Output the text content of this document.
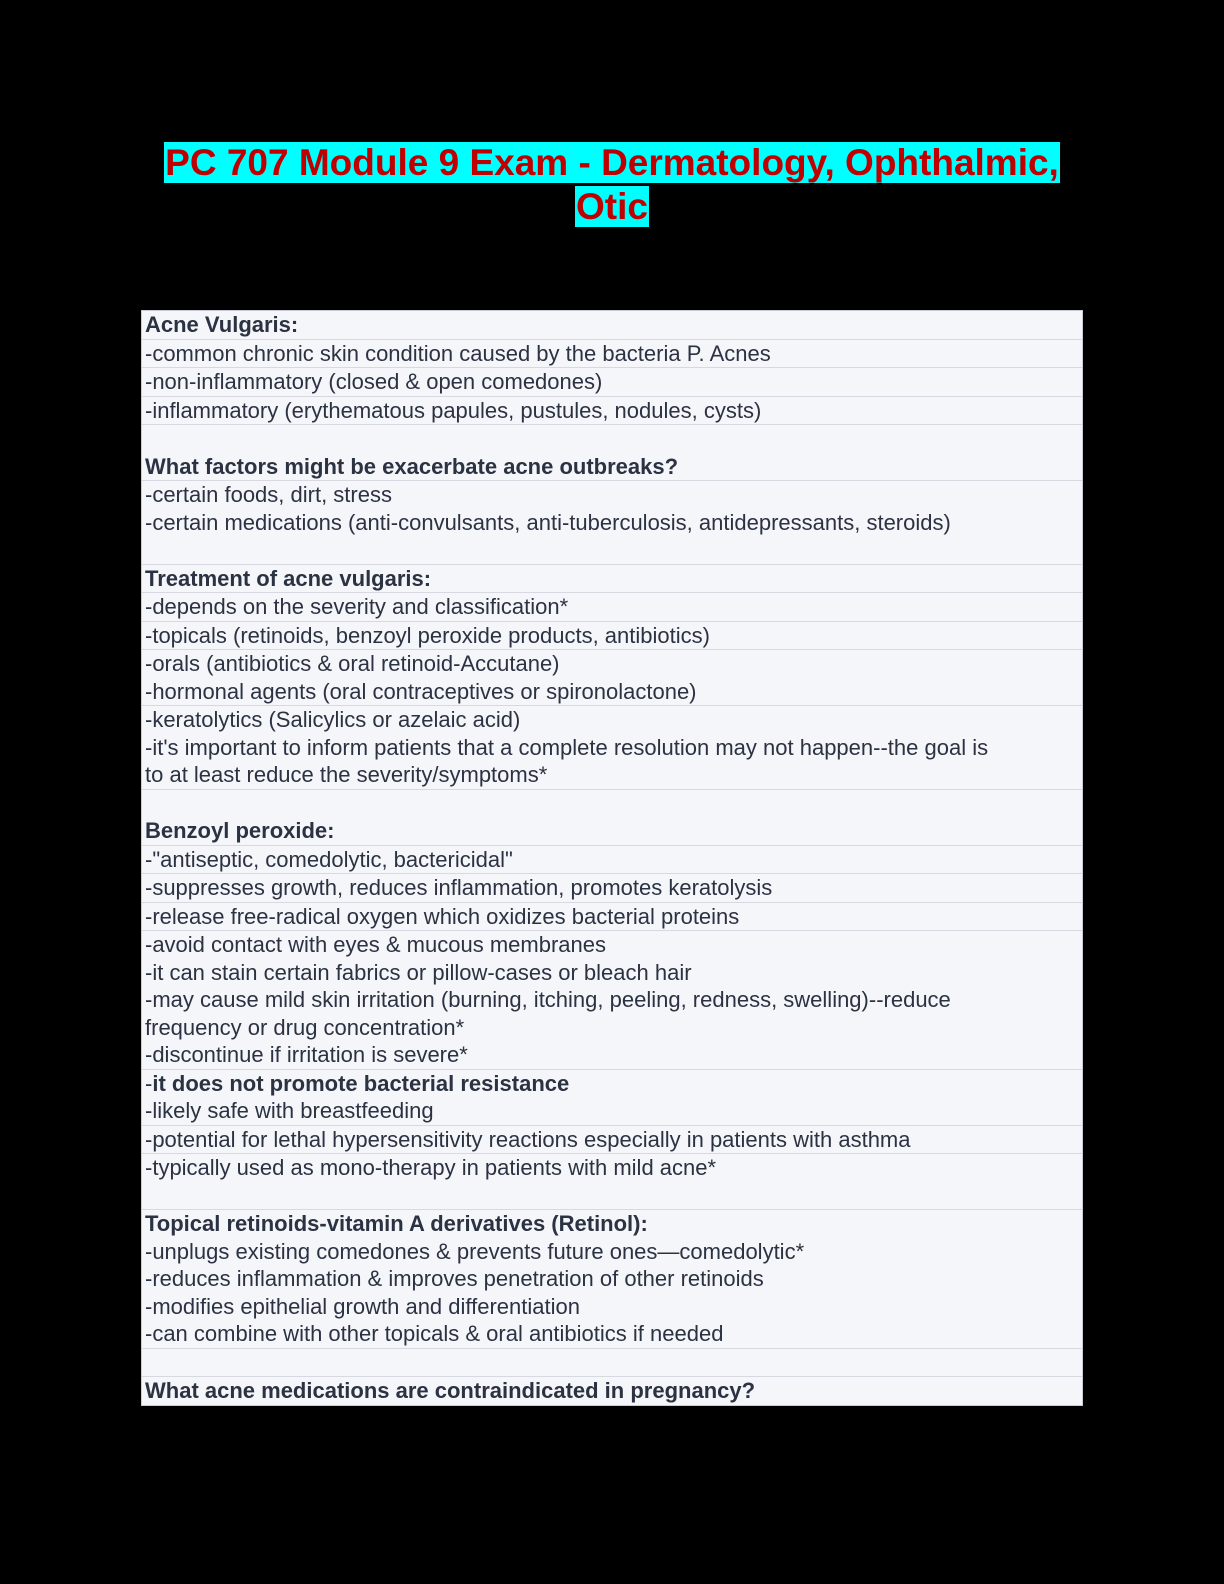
PC 707 Module 9 Exam - Dermatology, Ophthalmic,
Otic
Acne Vulgaris:
-common chronic skin condition caused by the bacteria P. Acnes
-non-inflammatory (closed & open comedones)
-inflammatory (erythematous papules, pustules, nodules, cysts)
What factors might be exacerbate acne outbreaks?
-certain foods, dirt, stress
-certain medications (anti-convulsants, anti-tuberculosis, antidepressants, steroids)
Treatment of acne vulgaris:
-depends on the severity and classification*
-topicals (retinoids, benzoyl peroxide products, antibiotics)
-orals (antibiotics & oral retinoid-Accutane)
-hormonal agents (oral contraceptives or spironolactone)
-keratolytics (Salicylics or azelaic acid)
-it's important to inform patients that a complete resolution may not happen--the goal is
to at least reduce the severity/symptoms*
Benzoyl peroxide:
-"antiseptic, comedolytic, bactericidal"
-suppresses growth, reduces inflammation, promotes keratolysis
-release free-radical oxygen which oxidizes bacterial proteins
-avoid contact with eyes & mucous membranes
-it can stain certain fabrics or pillow-cases or bleach hair
-may cause mild skin irritation (burning, itching, peeling, redness, swelling)--reduce
frequency or drug concentration*
-discontinue if irritation is severe*
-it does not promote bacterial resistance
-likely safe with breastfeeding
-potential for lethal hypersensitivity reactions especially in patients with asthma
-typically used as mono-therapy in patients with mild acne*
Topical retinoids-vitamin A derivatives (Retinol):
-unplugs existing comedones & prevents future ones—comedolytic*
-reduces inflammation & improves penetration of other retinoids
-modifies epithelial growth and differentiation
-can combine with other topicals & oral antibiotics if needed
What acne medications are contraindicated in pregnancy?
